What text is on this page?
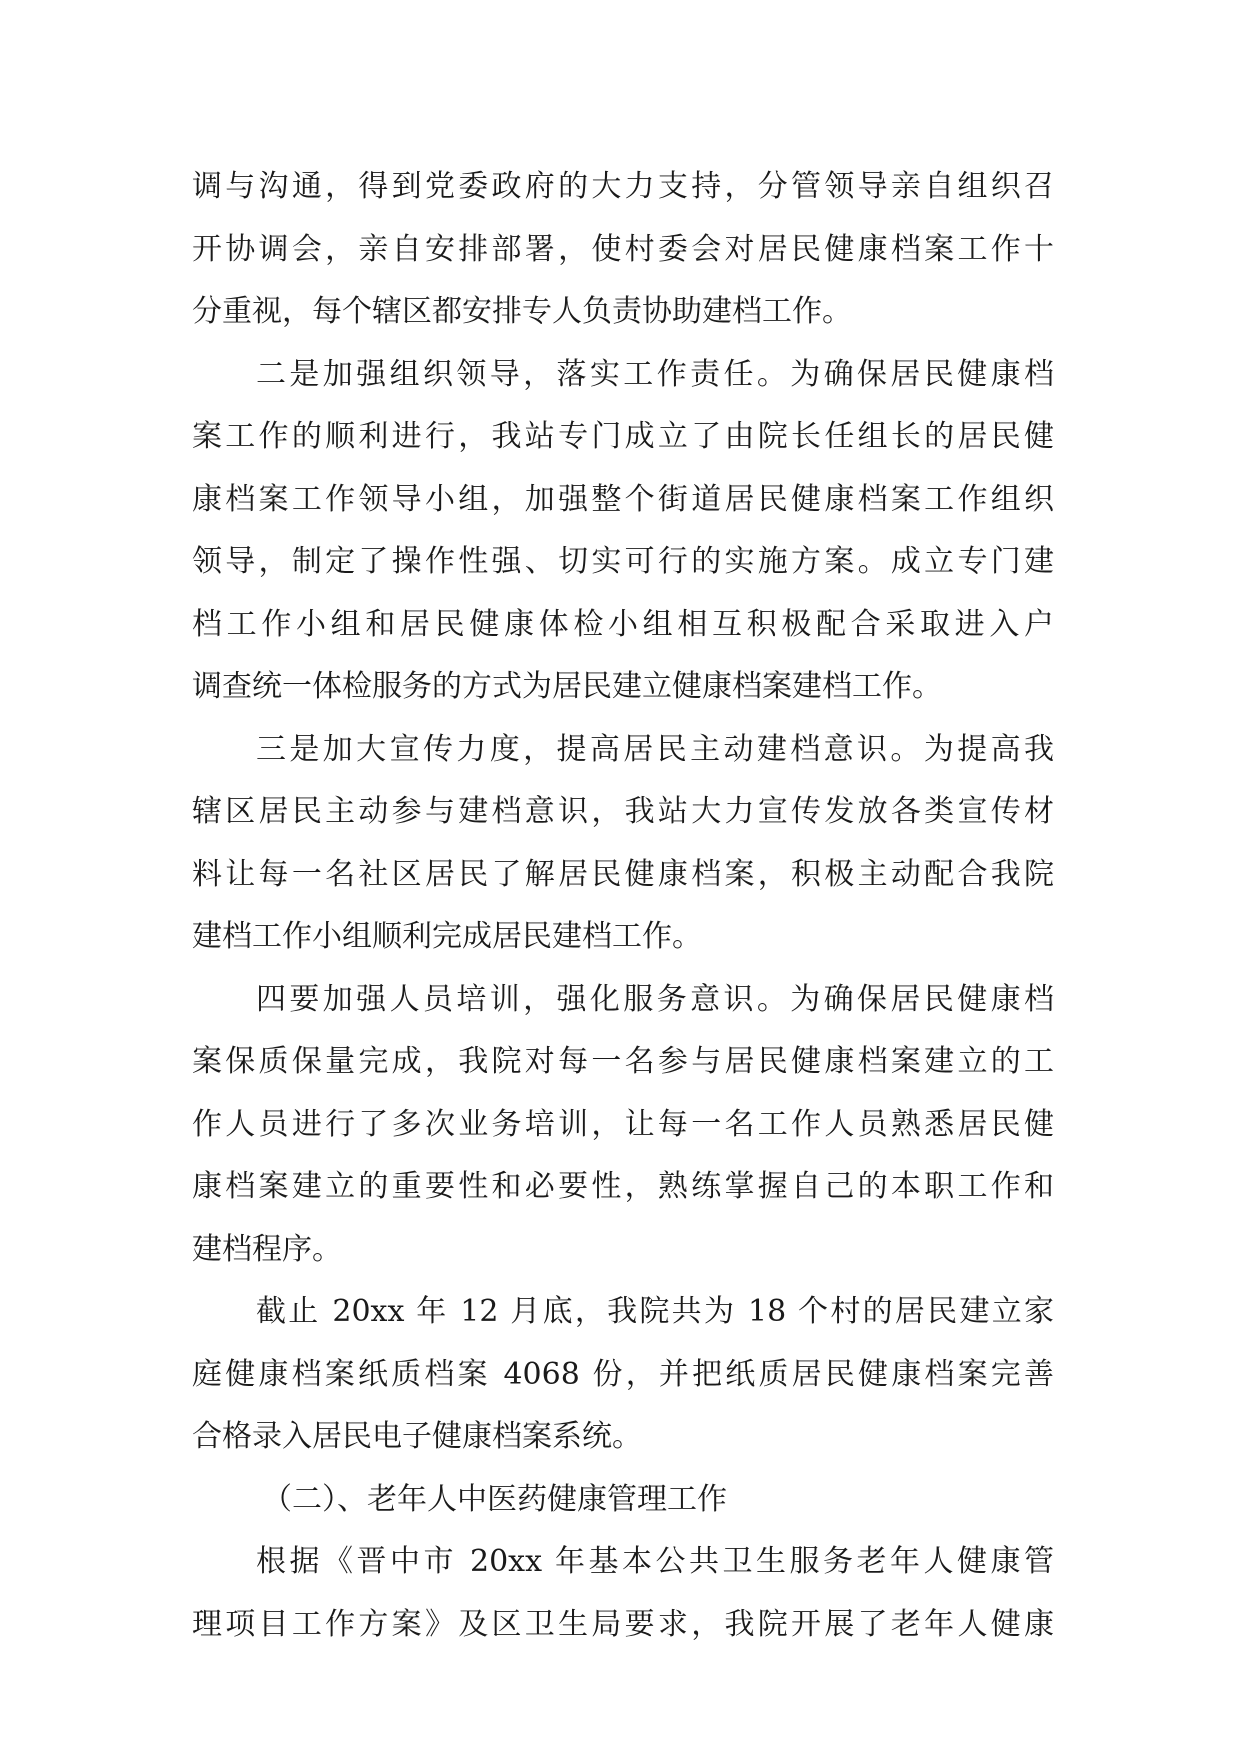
调与沟通，得到党委政府的大力支持，分管领导亲自组织召
开协调会，亲自安排部署，使村委会对居民健康档案工作十
分重视，每个辖区都安排专人负责协助建档工作。
二是加强组织领导，落实工作责任。为确保居民健康档
案工作的顺利进行，我站专门成立了由院长任组长的居民健
康档案工作领导小组，加强整个街道居民健康档案工作组织
领导，制定了操作性强、切实可行的实施方案。成立专门建
档工作小组和居民健康体检小组相互积极配合采取进入户
调查统一体检服务的方式为居民建立健康档案建档工作。
三是加大宣传力度，提高居民主动建档意识。为提高我
辖区居民主动参与建档意识，我站大力宣传发放各类宣传材
料让每一名社区居民了解居民健康档案，积极主动配合我院
建档工作小组顺利完成居民建档工作。
四要加强人员培训，强化服务意识。为确保居民健康档
案保质保量完成，我院对每一名参与居民健康档案建立的工
作人员进行了多次业务培训，让每一名工作人员熟悉居民健
康档案建立的重要性和必要性，熟练掌握自己的本职工作和
建档程序。
截止 20xx 年 12 月底，我院共为 18 个村的居民建立家
庭健康档案纸质档案 4068 份，并把纸质居民健康档案完善
合格录入居民电子健康档案系统。
（二）、老年人中医药健康管理工作
根据《晋中市 20xx 年基本公共卫生服务老年人健康管
理项目工作方案》及区卫生局要求，我院开展了老年人健康
